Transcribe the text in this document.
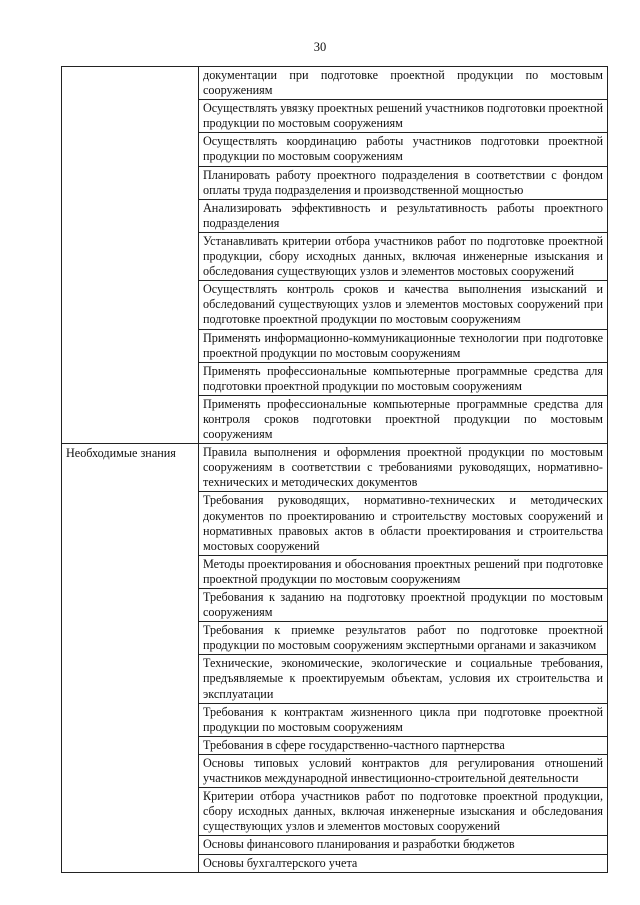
30
	документации при подготовке проектной продукции по мостовым сооружениям
	Осуществлять увязку проектных решений участников подготовки проектной продукции по мостовым сооружениям
	Осуществлять координацию работы участников подготовки проектной продукции по мостовым сооружениям
	Планировать работу проектного подразделения в соответствии с фондом оплаты труда подразделения и производственной мощностью
	Анализировать эффективность и результативность работы проектного подразделения
	Устанавливать критерии отбора участников работ по подготовке проектной продукции, сбору исходных данных, включая инженерные изыскания и обследования существующих узлов и элементов мостовых сооружений
	Осуществлять контроль сроков и качества выполнения изысканий и обследований существующих узлов и элементов мостовых сооружений при подготовке проектной продукции по мостовым сооружениям
	Применять информационно-коммуникационные технологии при подготовке проектной продукции по мостовым сооружениям
	Применять профессиональные компьютерные программные средства для подготовки проектной продукции по мостовым сооружениям
	Применять профессиональные компьютерные программные средства для контроля сроков подготовки проектной продукции по мостовым сооружениям
Необходимые знания	Правила выполнения и оформления проектной продукции по мостовым сооружениям в соответствии с требованиями руководящих, нормативно-технических и методических документов
	Требования руководящих, нормативно-технических и методических документов по проектированию и строительству мостовых сооружений и нормативных правовых актов в области проектирования и строительства мостовых сооружений
	Методы проектирования и обоснования проектных решений при подготовке проектной продукции по мостовым сооружениям
	Требования к заданию на подготовку проектной продукции по мостовым сооружениям
	Требования к приемке результатов работ по подготовке проектной продукции по мостовым сооружениям экспертными органами и заказчиком
	Технические, экономические, экологические и социальные требования, предъявляемые к проектируемым объектам, условия их строительства и эксплуатации
	Требования к контрактам жизненного цикла при подготовке проектной продукции по мостовым сооружениям
	Требования в сфере государственно-частного партнерства
	Основы типовых условий контрактов для регулирования отношений участников международной инвестиционно-строительной деятельности
	Критерии отбора участников работ по подготовке проектной продукции, сбору исходных данных, включая инженерные изыскания и обследования существующих узлов и элементов мостовых сооружений
	Основы финансового планирования и разработки бюджетов
	Основы бухгалтерского учета
